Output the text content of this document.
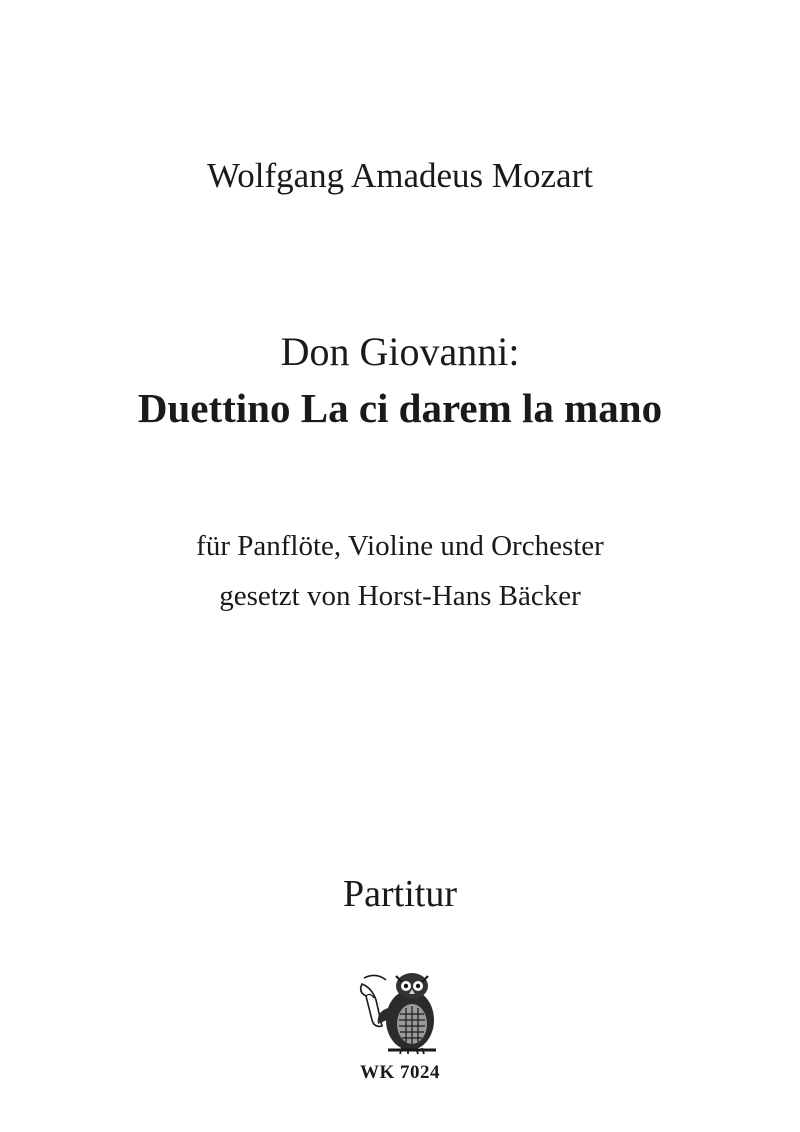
Wolfgang Amadeus Mozart
Don Giovanni:
Duettino La ci darem la mano
für Panflöte, Violine und Orchester
gesetzt von Horst-Hans Bäcker
Partitur
WK 7024
